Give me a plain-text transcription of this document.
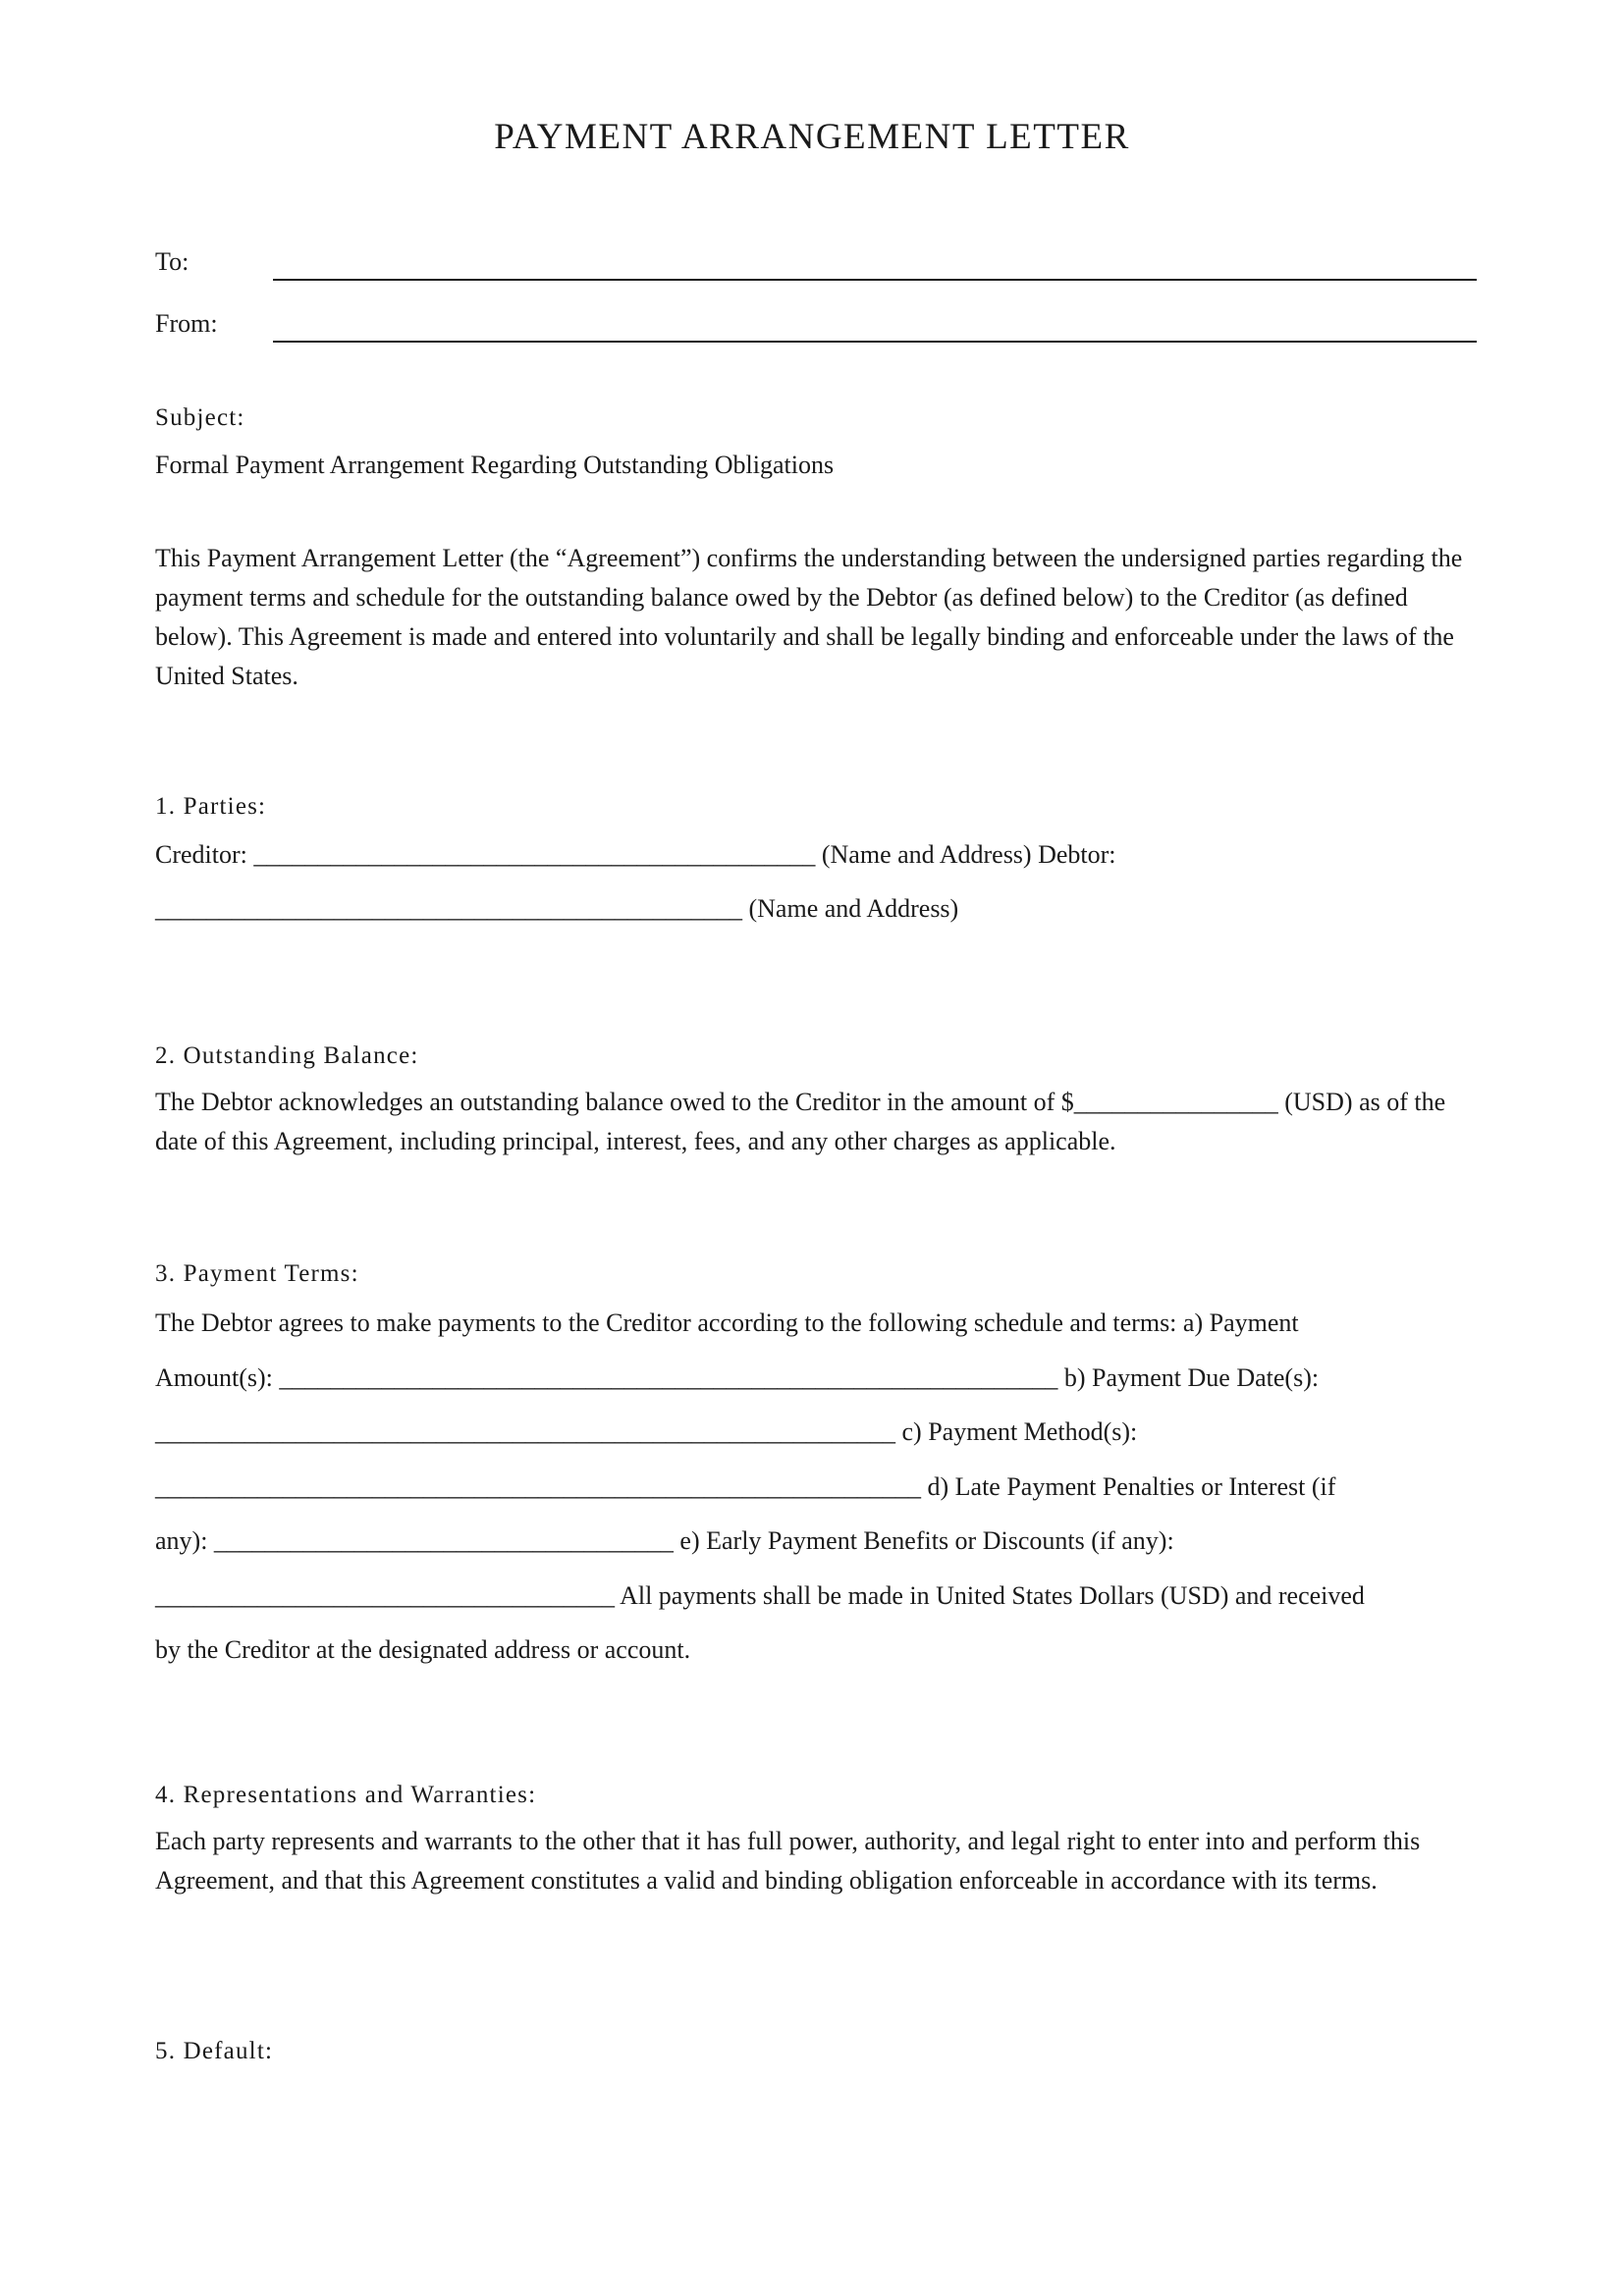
PAYMENT ARRANGEMENT LETTER
To:
From:
Subject:
Formal Payment Arrangement Regarding Outstanding Obligations

This Payment Arrangement Letter (the “Agreement”) confirms the understanding between the undersigned parties regarding the payment terms and schedule for the outstanding balance owed by the Debtor (as defined below) to the Creditor (as defined below). This Agreement is made and entered into voluntarily and shall be legally binding and enforceable under the laws of the United States.

1. Parties:
Creditor: ____________________________________________ (Name and Address) Debtor:
______________________________________________ (Name and Address)
2. Outstanding Balance:

The Debtor acknowledges an outstanding balance owed to the Creditor in the amount of $________________ (USD) as of the date of this Agreement, including principal, interest, fees, and any other charges as applicable.

3. Payment Terms:
The Debtor agrees to make payments to the Creditor according to the following schedule and terms: a) Payment
Amount(s): _____________________________________________________________ b) Payment Due Date(s):
__________________________________________________________ c) Payment Method(s):
____________________________________________________________ d) Late Payment Penalties or Interest (if
any): ____________________________________ e) Early Payment Benefits or Discounts (if any):
____________________________________ All payments shall be made in United States Dollars (USD) and received
by the Creditor at the designated address or account.
4. Representations and Warranties:

Each party represents and warrants to the other that it has full power, authority, and legal right to enter into and perform this Agreement, and that this Agreement constitutes a valid and binding obligation enforceable in accordance with its terms.

5. Default:
